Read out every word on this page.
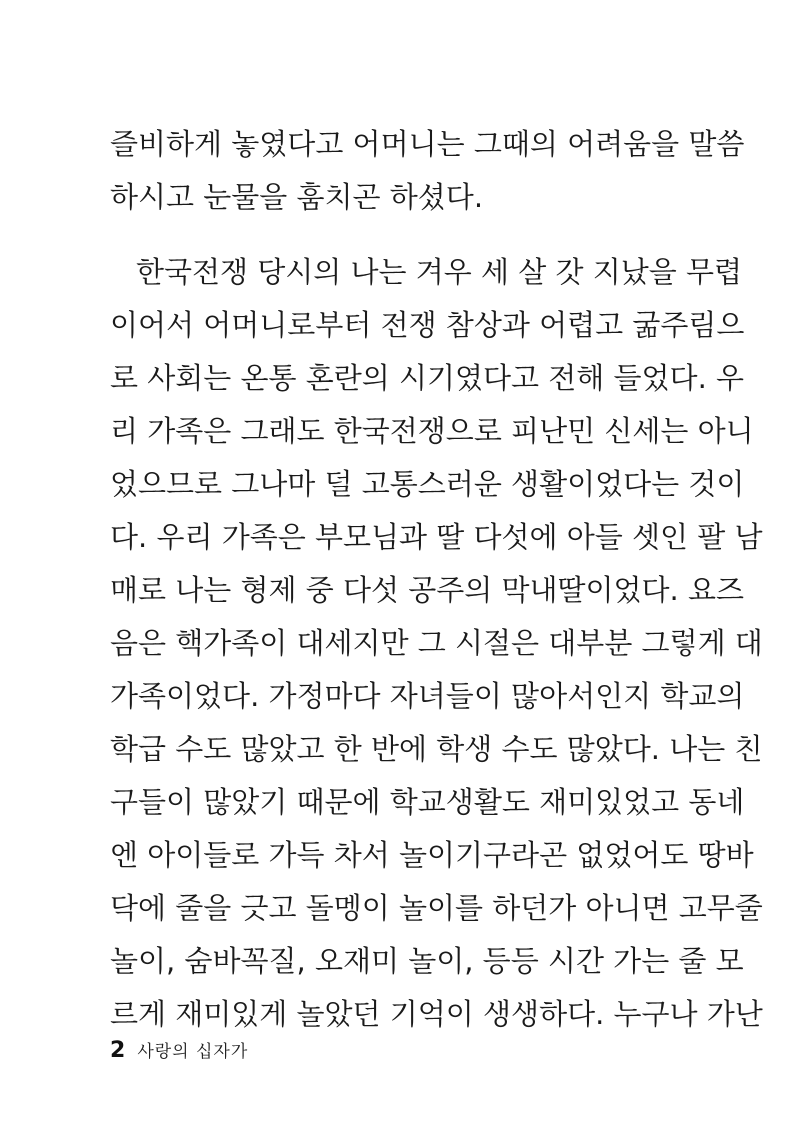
즐비하게 놓였다고 어머니는 그때의 어려움을 말씀
하시고 눈물을 훔치곤 하셨다.
한국전쟁 당시의 나는 겨우 세 살 갓 지났을 무렵
이어서 어머니로부터 전쟁 참상과 어렵고 굶주림으
로 사회는 온통 혼란의 시기였다고 전해 들었다. 우
리 가족은 그래도 한국전쟁으로 피난민 신세는 아니
었으므로 그나마 덜 고통스러운 생활이었다는 것이
다. 우리 가족은 부모님과 딸 다섯에 아들 셋인 팔 남
매로 나는 형제 중 다섯 공주의 막내딸이었다. 요즈
음은 핵가족이 대세지만 그 시절은 대부분 그렇게 대
가족이었다. 가정마다 자녀들이 많아서인지 학교의
학급 수도 많았고 한 반에 학생 수도 많았다. 나는 친
구들이 많았기 때문에 학교생활도 재미있었고 동네
엔 아이들로 가득 차서 놀이기구라곤 없었어도 땅바
닥에 줄을 긋고 돌멩이 놀이를 하던가 아니면 고무줄
놀이, 숨바꼭질, 오재미 놀이, 등등 시간 가는 줄 모
르게 재미있게 놀았던 기억이 생생하다. 누구나 가난
2 사랑의 십자가
